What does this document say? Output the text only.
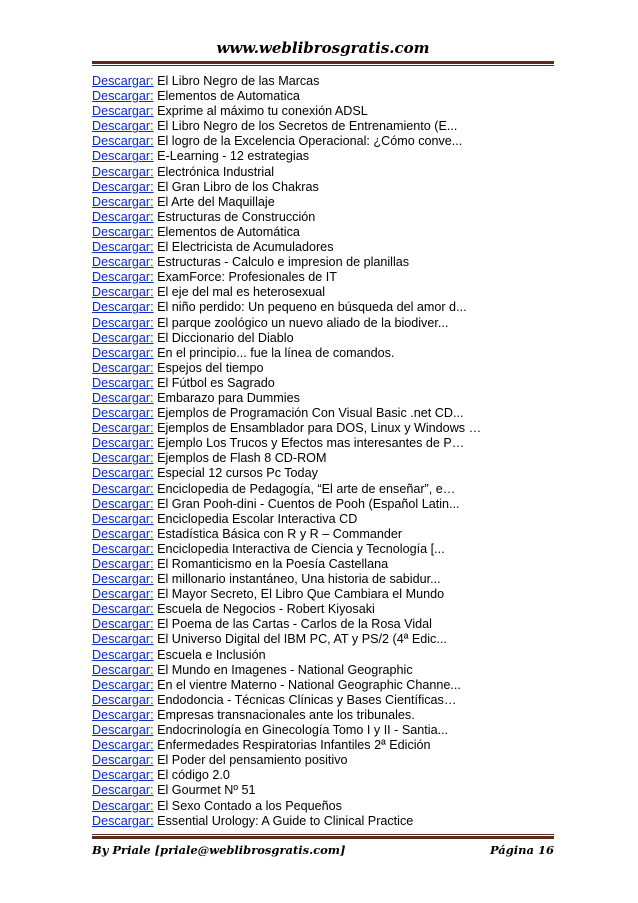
www.weblibrosgratis.com
Descargar: El Libro Negro de las Marcas
Descargar: Elementos de Automatica
Descargar: Exprime al máximo tu conexión ADSL
Descargar: El Libro Negro de los Secretos de Entrenamiento (E...
Descargar: El logro de la Excelencia Operacional: ¿Cómo conve...
Descargar: E-Learning - 12 estrategias
Descargar: Electrónica Industrial
Descargar: El Gran Libro de los Chakras
Descargar: El Arte del Maquillaje
Descargar: Estructuras de Construcción
Descargar: Elementos de Automática
Descargar: El Electricista de Acumuladores
Descargar: Estructuras - Calculo e impresion de planillas
Descargar: ExamForce: Profesionales de IT
Descargar: El eje del mal es heterosexual
Descargar: El niño perdido: Un pequeno en búsqueda del amor d...
Descargar: El parque zoológico un nuevo aliado de la biodiver...
Descargar: El Diccionario del Diablo
Descargar: En el principio... fue la línea de comandos.
Descargar: Espejos del tiempo
Descargar: El Fútbol es Sagrado
Descargar: Embarazo para Dummies
Descargar: Ejemplos de Programación Con Visual Basic .net CD...
Descargar: Ejemplos de Ensamblador para DOS, Linux y Windows …
Descargar: Ejemplo Los Trucos y Efectos mas interesantes de P…
Descargar: Ejemplos de Flash 8 CD-ROM
Descargar: Especial 12 cursos Pc Today
Descargar: Enciclopedia de Pedagogía, “El arte de enseñar”, e…
Descargar: El Gran Pooh-dini - Cuentos de Pooh (Español Latin...
Descargar: Enciclopedia Escolar Interactiva CD
Descargar: Estadística Básica con R y R – Commander
Descargar: Enciclopedia Interactiva de Ciencia y Tecnología [...
Descargar: El Romanticismo en la Poesía Castellana
Descargar: El millonario instantáneo, Una historia de sabidur...
Descargar: El Mayor Secreto, El Libro Que Cambiara el Mundo
Descargar: Escuela de Negocios - Robert Kiyosaki
Descargar: El Poema de las Cartas - Carlos de la Rosa Vidal
Descargar: El Universo Digital del IBM PC, AT y PS/2 (4ª Edic...
Descargar: Escuela e Inclusión
Descargar: El Mundo en Imagenes - National Geographic
Descargar: En el vientre Materno - National Geographic Channe...
Descargar: Endodoncia - Técnicas Clínicas y Bases Científicas…
Descargar: Empresas transnacionales ante los tribunales.
Descargar: Endocrinología en Ginecología Tomo I y II - Santia...
Descargar: Enfermedades Respiratorias Infantiles 2ª Edición
Descargar: El Poder del pensamiento positivo
Descargar: El código 2.0
Descargar: El Gourmet Nº 51
Descargar: El Sexo Contado a los Pequeños
Descargar: Essential Urology: A Guide to Clinical Practice
By Priale [priale@weblibrosgratis.com]	Página 16
